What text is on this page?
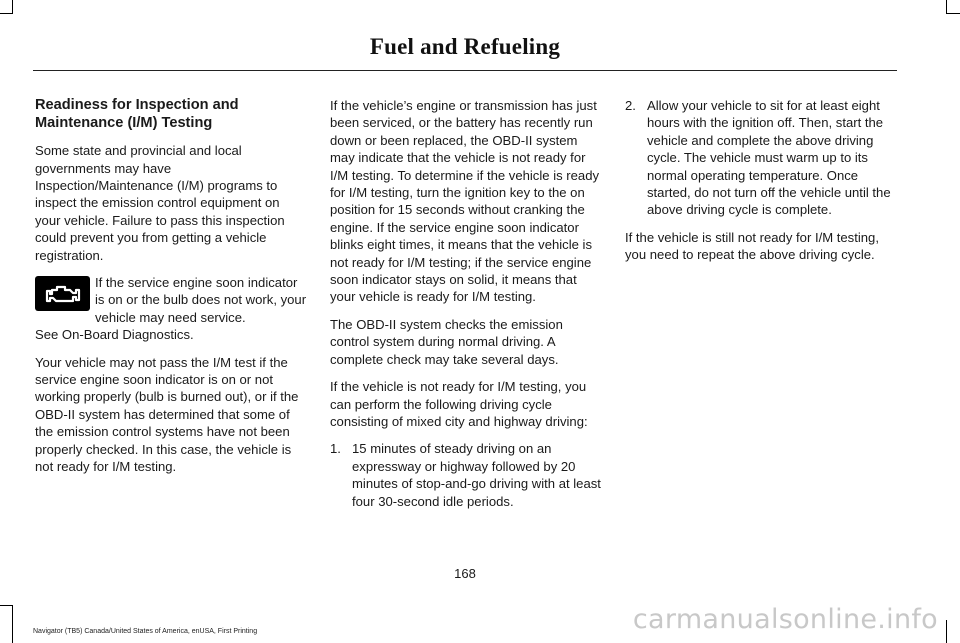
Fuel and Refueling

Readiness for Inspection and Maintenance (I/M) Testing

Some state and provincial and local governments may have Inspection/Maintenance (I/M) programs to inspect the emission control equipment on your vehicle. Failure to pass this inspection could prevent you from getting a vehicle registration.

If the service engine soon indicator is on or the bulb does not work, your vehicle may need service.

See On-Board Diagnostics.

Your vehicle may not pass the I/M test if the service engine soon indicator is on or not working properly (bulb is burned out), or if the OBD-II system has determined that some of the emission control systems have not been properly checked. In this case, the vehicle is not ready for I/M testing.

If the vehicle’s engine or transmission has just been serviced, or the battery has recently run down or been replaced, the OBD-II system may indicate that the vehicle is not ready for I/M testing. To determine if the vehicle is ready for I/M testing, turn the ignition key to the on position for 15 seconds without cranking the engine. If the service engine soon indicator blinks eight times, it means that the vehicle is not ready for I/M testing; if the service engine soon indicator stays on solid, it means that your vehicle is ready for I/M testing.

The OBD-II system checks the emission control system during normal driving. A complete check may take several days.

If the vehicle is not ready for I/M testing, you can perform the following driving cycle consisting of mixed city and highway driving:

1. 15 minutes of steady driving on an expressway or highway followed by 20 minutes of stop-and-go driving with at least four 30-second idle periods.
2. Allow your vehicle to sit for at least eight hours with the ignition off. Then, start the vehicle and complete the above driving cycle. The vehicle must warm up to its normal operating temperature. Once started, do not turn off the vehicle until the above driving cycle is complete.

If the vehicle is still not ready for I/M testing, you need to repeat the above driving cycle.

168
Navigator (TB5) Canada/United States of America, enUSA, First Printing	carmanualsonline.info
